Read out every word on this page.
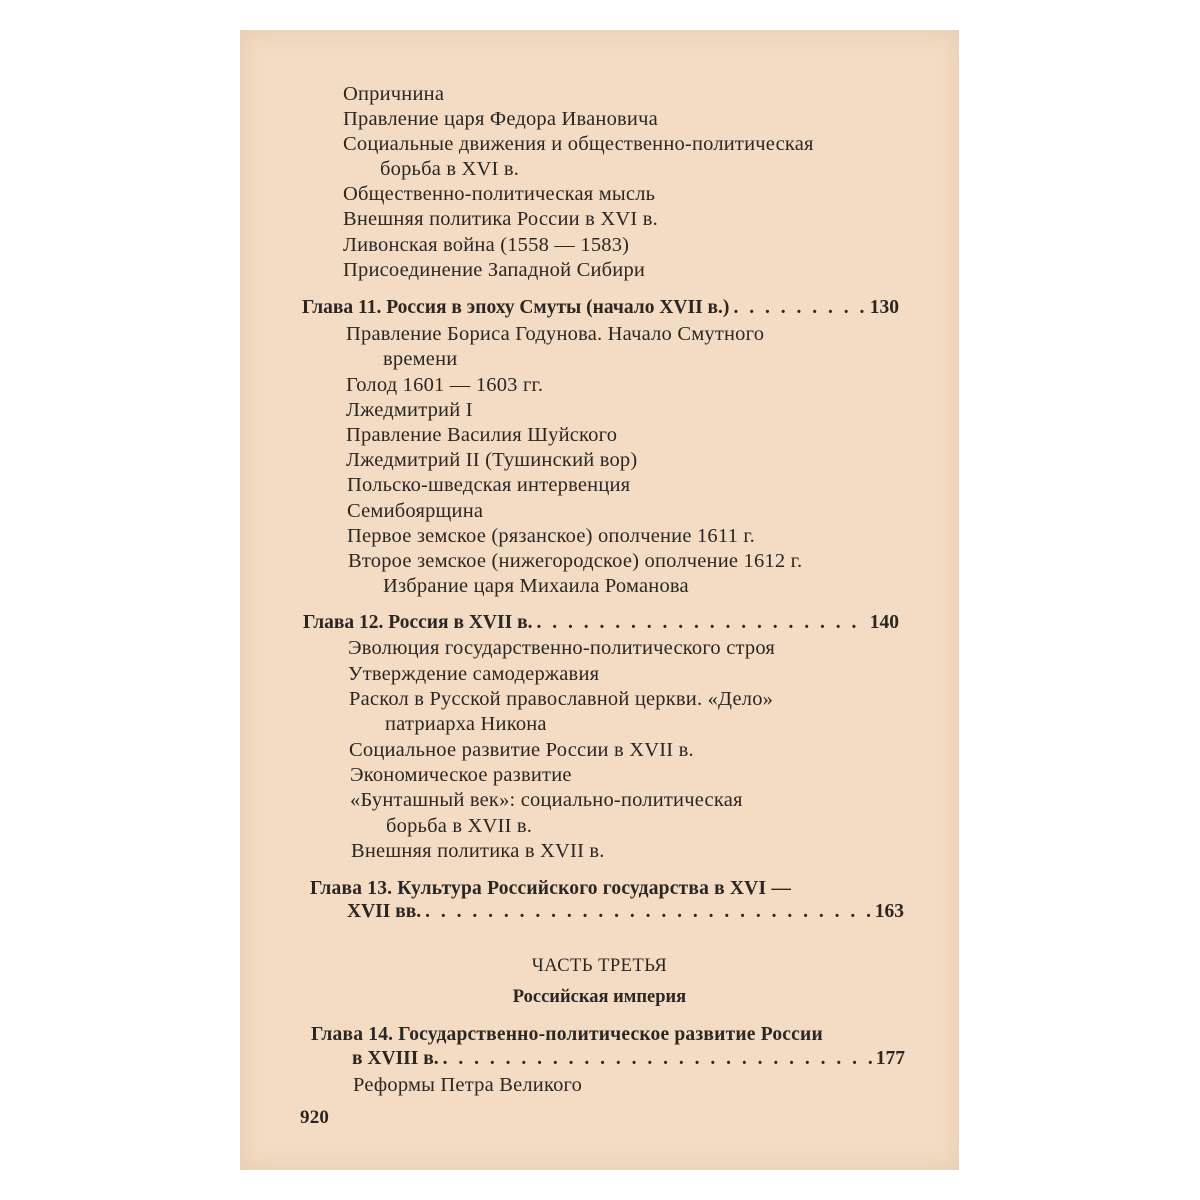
Опричнина
Правление царя Федора Ивановича
Социальные движения и общественно-политическая
борьба в XVI в.
Общественно-политическая мысль
Внешняя политика России в XVI в.
Ливонская война (1558 — 1583)
Присоединение Западной Сибири
Глава 11. Россия в эпоху Смуты (начало XVII в.) . . .	130
Правление Бориса Годунова. Начало Смутного
времени
Голод 1601 — 1603 гг.
Лжедмитрий I
Правление Василия Шуйского
Лжедмитрий II (Тушинский вор)
Польско-шведская интервенция
Семибоярщина
Первое земское (рязанское) ополчение 1611 г.
Второе земское (нижегородское) ополчение 1612 г.
Избрание царя Михаила Романова
Глава 12. Россия в XVII в. . . .	140
Эволюция государственно-политического строя
Утверждение самодержавия
Раскол в Русской православной церкви. «Дело»
патриарха Никона
Социальное развитие России в XVII в.
Экономическое развитие
«Бунташный век»: социально-политическая
борьба в XVII в.
Внешняя политика в XVII в.
Глава 13. Культура Российского государства в XVI —
XVII вв. . . .	163
ЧАСТЬ ТРЕТЬЯ
Российская империя
Глава 14. Государственно-политическое развитие России
в XVIII в. . . .	177
Реформы Петра Великого
920
